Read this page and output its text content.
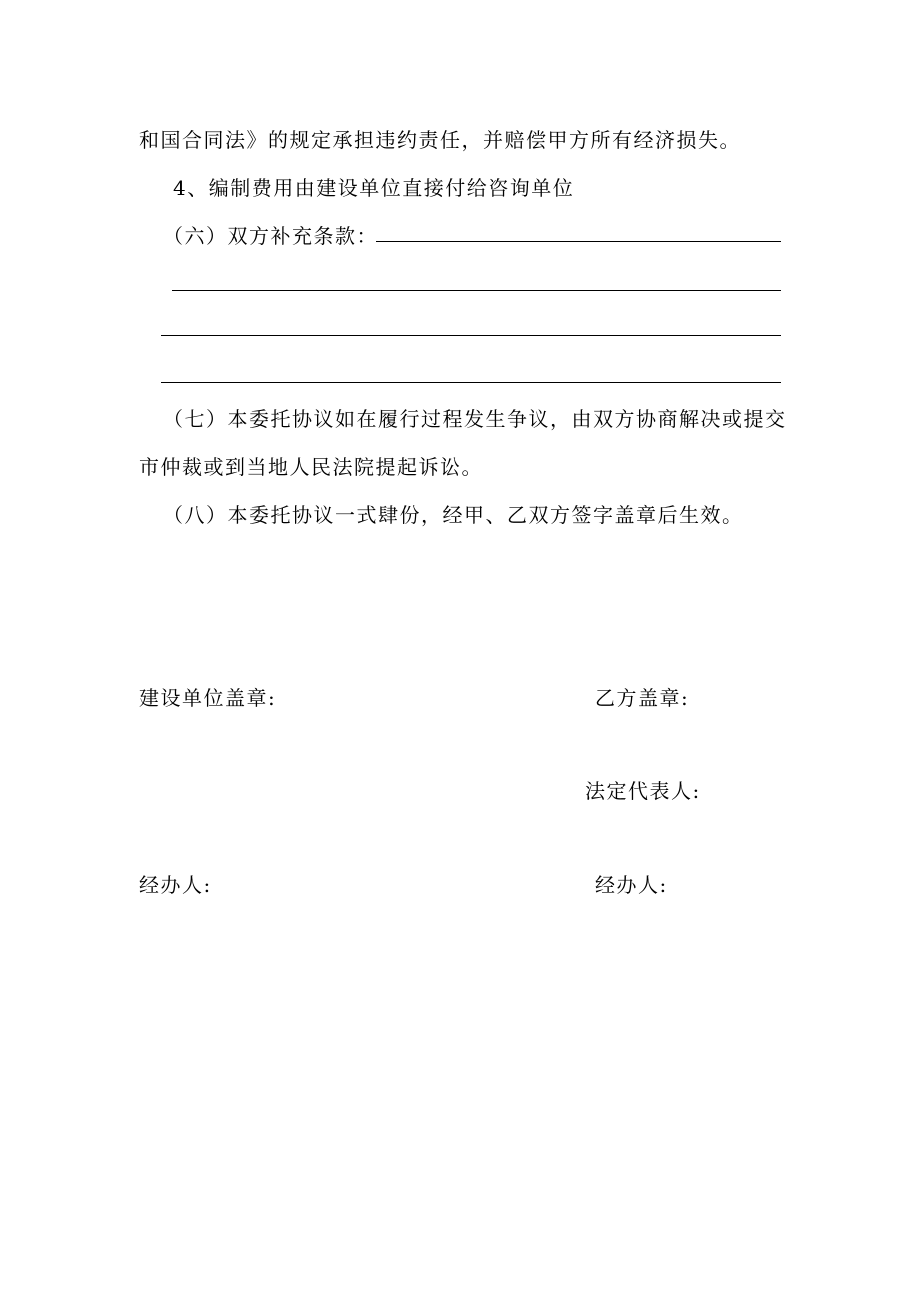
和国合同法》的规定承担违约责任，并赔偿甲方所有经济损失。
4、编制费用由建设单位直接付给咨询单位
（六）双方补充条款：
（七）本委托协议如在履行过程发生争议，由双方协商解决或提交
市仲裁或到当地人民法院提起诉讼。
（八）本委托协议一式肆份，经甲、乙双方签字盖章后生效。
建设单位盖章:	乙方盖章:
法定代表人:
经办人:	经办人:
